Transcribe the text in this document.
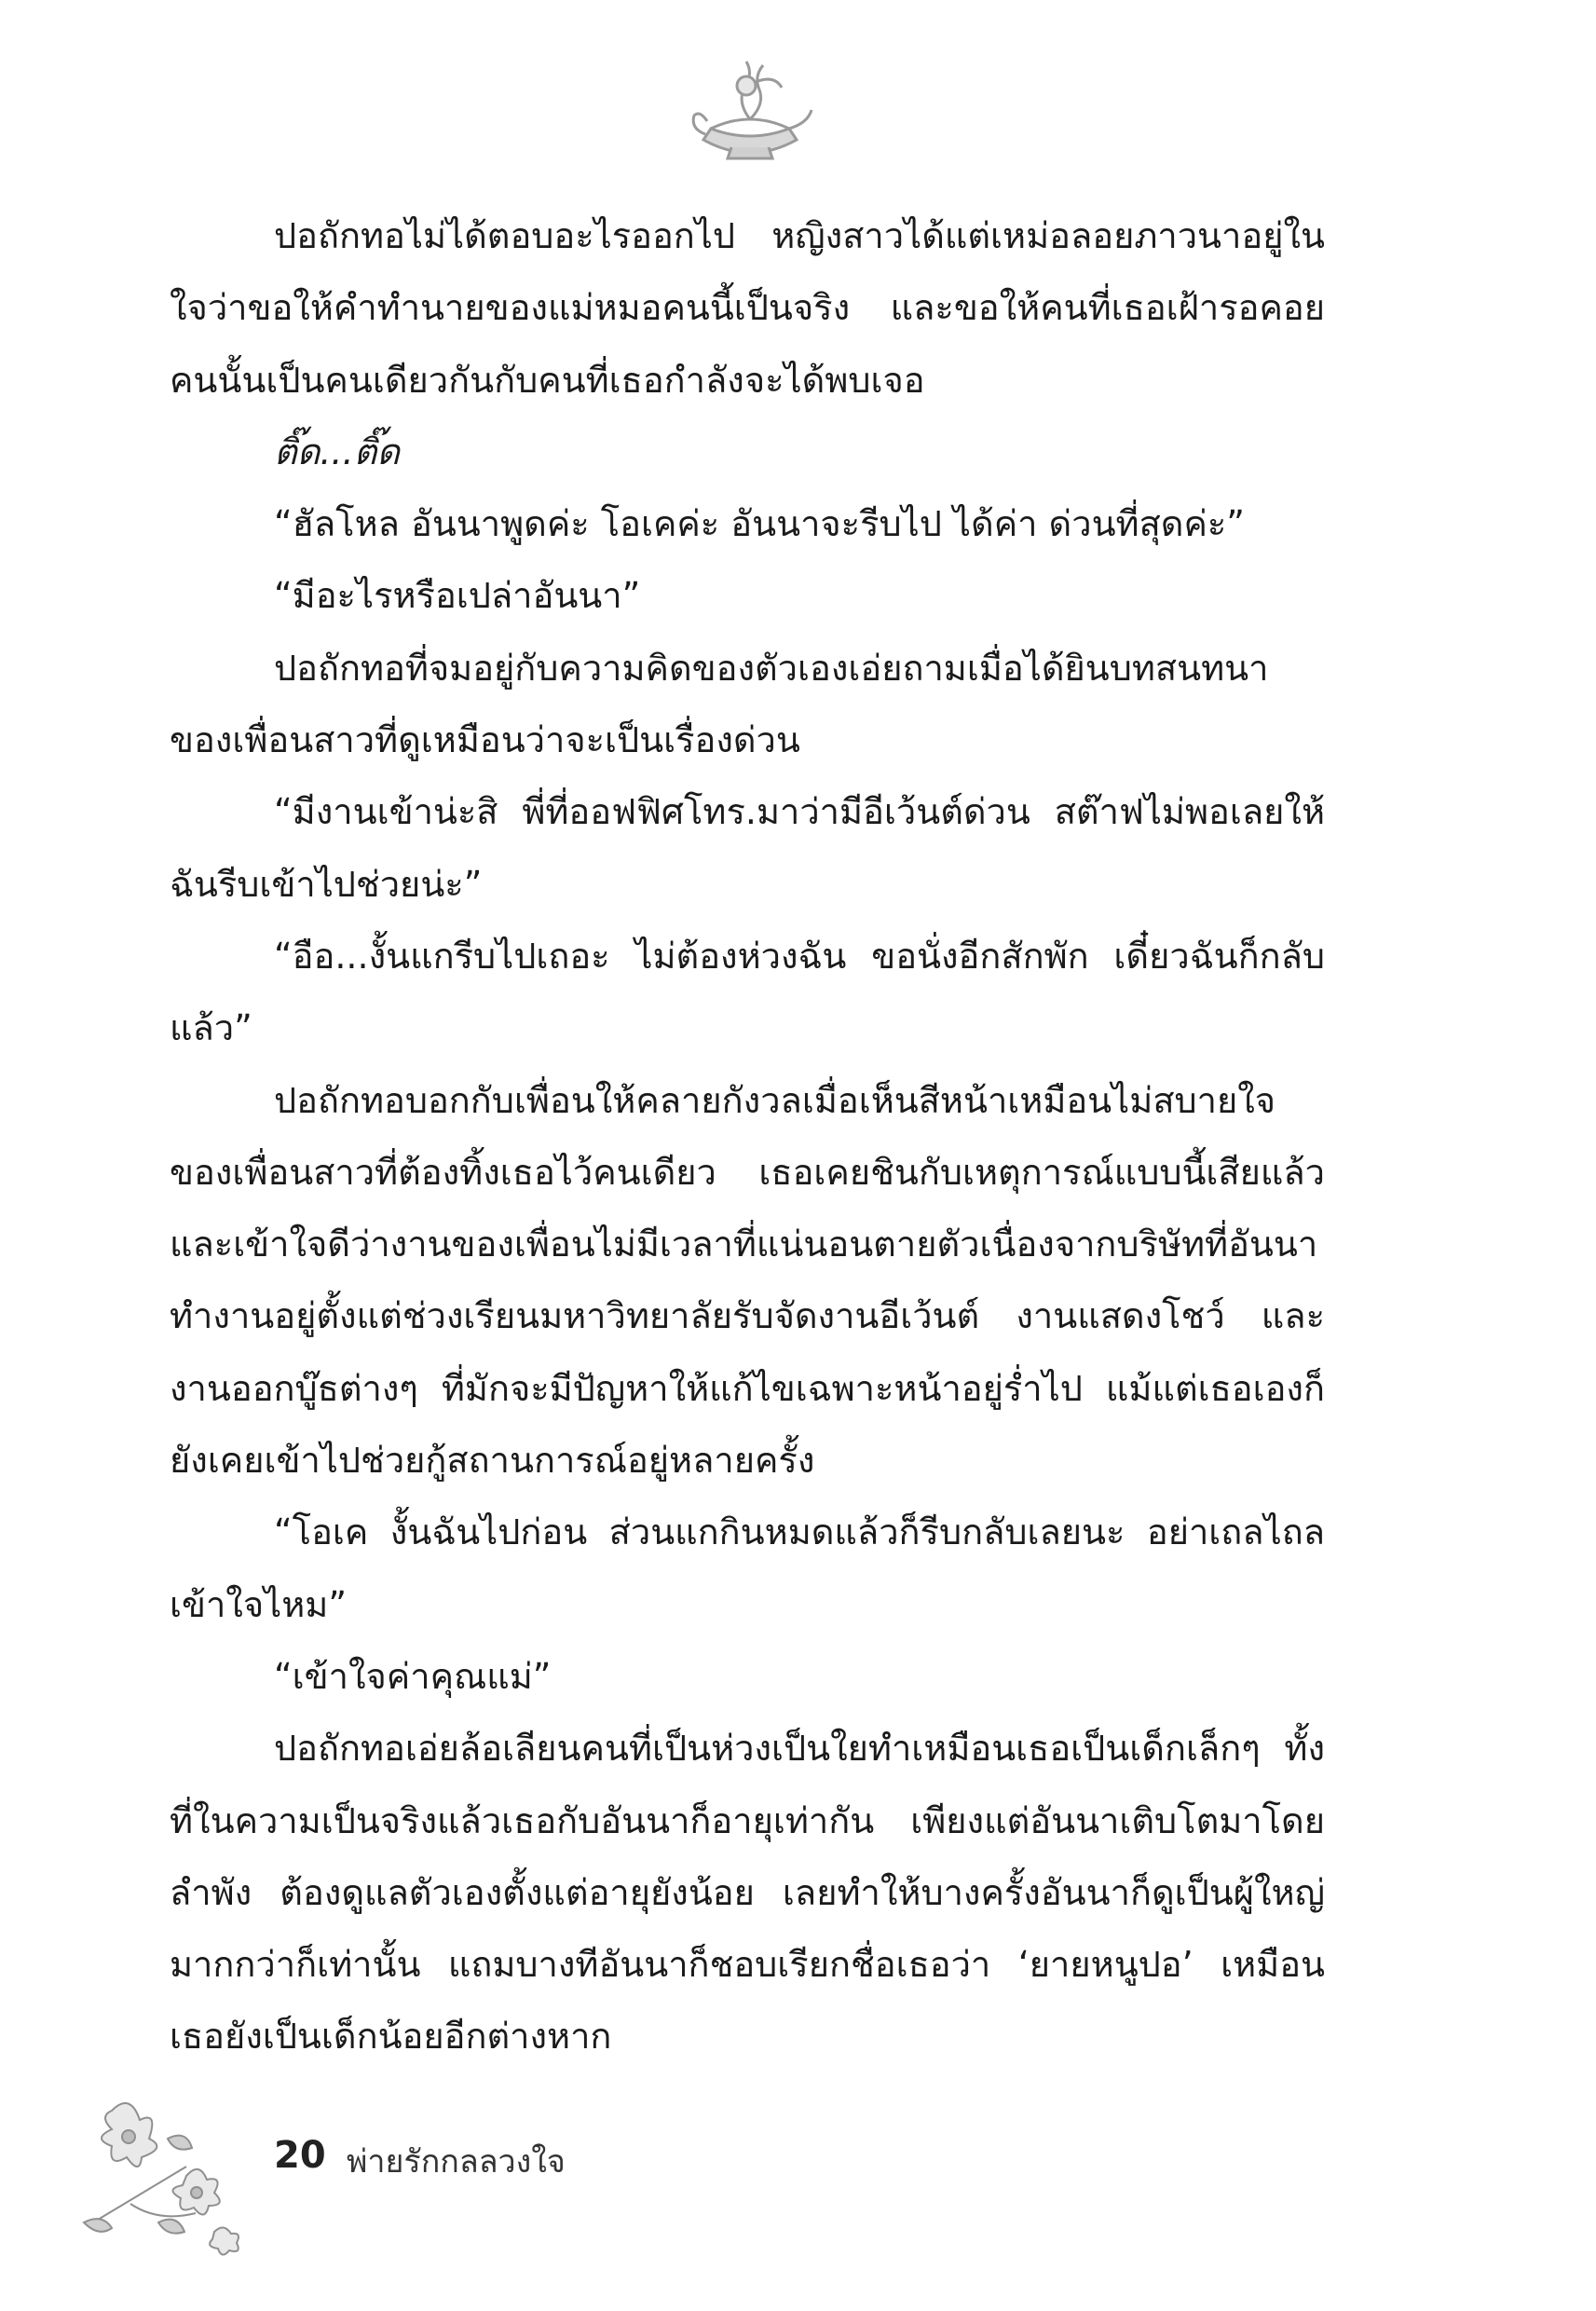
ปอถักทอไม่ได้ตอบอะไรออกไป หญิงสาวได้แต่เหม่อลอยภาวนาอยู่ในใจว่าขอให้คำทำนายของแม่หมอคนนี้เป็นจริง และขอให้คนที่เธอเฝ้ารอคอยคนนั้นเป็นคนเดียวกันกับคนที่เธอกำลังจะได้พบเจอ

ติ๊ด...ติ๊ด

“ฮัลโหล อันนาพูดค่ะ โอเคค่ะ อันนาจะรีบไป ได้ค่า ด่วนที่สุดค่ะ”

“มีอะไรหรือเปล่าอันนา”

ปอถักทอที่จมอยู่กับความคิดของตัวเองเอ่ยถามเมื่อได้ยินบทสนทนาของเพื่อนสาวที่ดูเหมือนว่าจะเป็นเรื่องด่วน

“มีงานเข้าน่ะสิ พี่ที่ออฟฟิศโทร.มาว่ามีอีเว้นต์ด่วน สต๊าฟไม่พอเลยให้ฉันรีบเข้าไปช่วยน่ะ”

“อือ...งั้นแกรีบไปเถอะ ไม่ต้องห่วงฉัน ขอนั่งอีกสักพัก เดี๋ยวฉันก็กลับแล้ว”

ปอถักทอบอกกับเพื่อนให้คลายกังวลเมื่อเห็นสีหน้าเหมือนไม่สบายใจของเพื่อนสาวที่ต้องทิ้งเธอไว้คนเดียว เธอเคยชินกับเหตุการณ์แบบนี้เสียแล้ว และเข้าใจดีว่างานของเพื่อนไม่มีเวลาที่แน่นอนตายตัวเนื่องจากบริษัทที่อันนาทำงานอยู่ตั้งแต่ช่วงเรียนมหาวิทยาลัยรับจัดงานอีเว้นต์ งานแสดงโชว์ และงานออกบู๊ธต่างๆ ที่มักจะมีปัญหาให้แก้ไขเฉพาะหน้าอยู่ร่ำไป แม้แต่เธอเองก็ยังเคยเข้าไปช่วยกู้สถานการณ์อยู่หลายครั้ง

“โอเค งั้นฉันไปก่อน ส่วนแกกินหมดแล้วก็รีบกลับเลยนะ อย่าเถลไถล เข้าใจไหม”

“เข้าใจค่าคุณแม่”

ปอถักทอเอ่ยล้อเลียนคนที่เป็นห่วงเป็นใยทำเหมือนเธอเป็นเด็กเล็กๆ ทั้งที่ในความเป็นจริงแล้วเธอกับอันนาก็อายุเท่ากัน เพียงแต่อันนาเติบโตมาโดยลำพัง ต้องดูแลตัวเองตั้งแต่อายุยังน้อย เลยทำให้บางครั้งอันนาก็ดูเป็นผู้ใหญ่มากกว่าก็เท่านั้น แถมบางทีอันนาก็ชอบเรียกชื่อเธอว่า ‘ยายหนูปอ’ เหมือนเธอยังเป็นเด็กน้อยอีกต่างหาก

20 พ่ายรักกลลวงใจ
